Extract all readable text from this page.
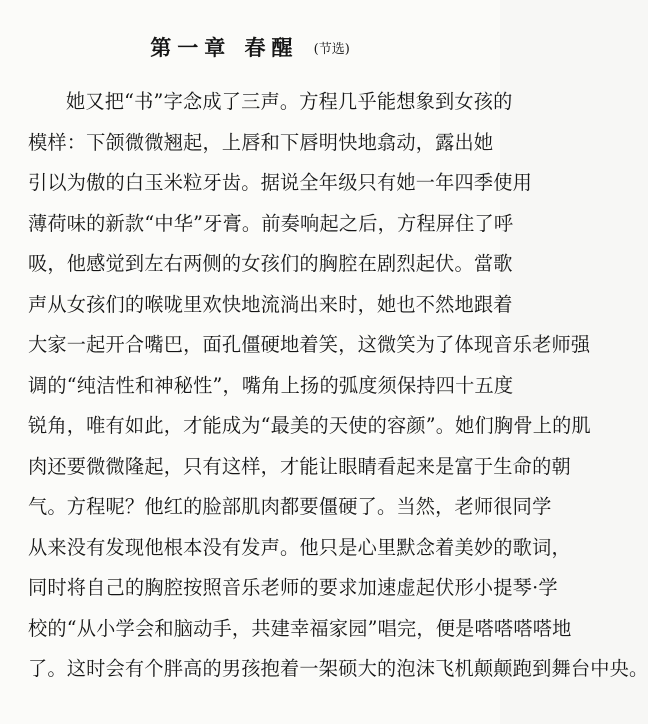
第一章 春醒 (节选)
她又把“书”字念成了三声。方程几乎能想象到女孩的
模样：下颌微微翘起，上唇和下唇明快地翕动，露出她
引以为傲的白玉米粒牙齿。据说全年级只有她一年四季使用
薄荷味的新款“中华”牙膏。前奏响起之后，方程屏住了呼
吸，他感觉到左右两侧的女孩们的胸腔在剧烈起伏。當歌
声从女孩们的喉咙里欢快地流淌出来时，她也不然地跟着
大家一起开合嘴巴，面孔僵硬地着笑，这微笑为了体现音乐老师强
调的“纯洁性和神秘性”，嘴角上扬的弧度须保持四十五度
锐角，唯有如此，才能成为“最美的天使的容颜”。她们胸骨上的肌
肉还要微微隆起，只有这样，才能让眼睛看起来是富于生命的朝
气。方程呢？他红的脸部肌肉都要僵硬了。当然，老师很同学
从来没有发现他根本没有发声。他只是心里默念着美妙的歌词，
同时将自己的胸腔按照音乐老师的要求加速虚起伏形小提琴·学
校的“从小学会和脑动手，共建幸福家园”唱完，便是嗒嗒嗒嗒地
了。这时会有个胖高的男孩抱着一架硕大的泡沫飞机颠颠跑到舞台中央。
